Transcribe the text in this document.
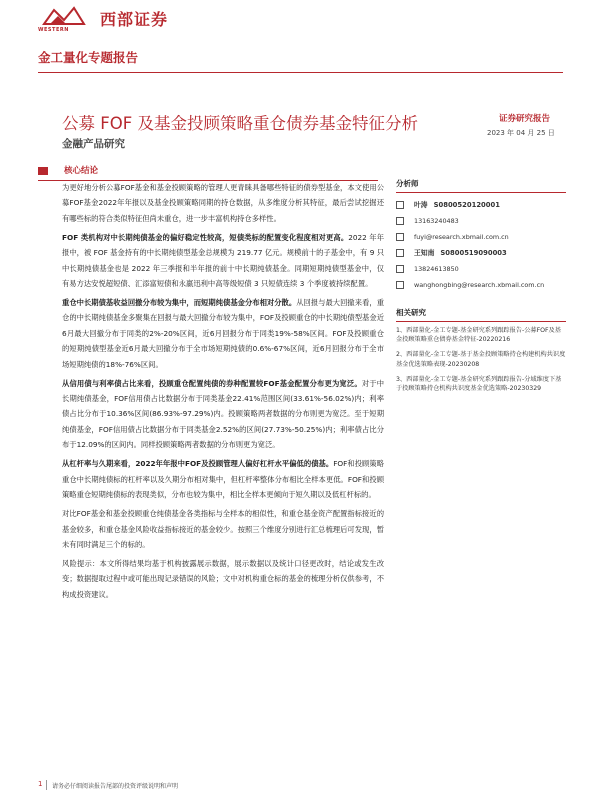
WESTERN
西部证券
金工量化专题报告
公募 FOF 及基金投顾策略重仓债券基金特征分析
金融产品研究
证券研究报告
2023 年 04 月 25 日
核心结论

为更好地分析公募FOF基金和基金投顾策略的管理人更青睐具备哪些特征的债券型基金，本文使用公募FOF基金2022年年报以及基金投顾策略同期的持仓数据，从多维度分析其特征，最后尝试挖掘还有哪些标的符合类似特征但尚未重仓，进一步丰富机构持仓多样性。

FOF 类机构对中长期纯债基金的偏好稳定性较高，短债类标的配置变化程度相对更高。2022 年年报中，被 FOF 基金持有的中长期纯债型基金总规模为 219.77 亿元。规模前十的子基金中，有 9 只中长期纯债基金也是 2022 年三季报和半年报的前十中长期纯债基金。同期短期纯债型基金中，仅有易方达安悦超短债、汇添富短债和永嬴迅利中高等级短债 3 只短债连续 3 个季度被持续配置。

重仓中长期债基收益回撤分布较为集中，而短期纯债基金分布相对分散。从回报与最大回撤来看，重仓的中长期纯债基金多聚集在回报与最大回撤分布较为集中，FOF及投顾重仓的中长期纯债型基金近6月最大回撤分布于同类的2%-20%区间，近6月回报分布于同类19%-58%区间。FOF及投顾重仓的短期纯债型基金近6月最大回撤分布于全市场短期纯债的0.6%-67%区间，近6月回报分布于全市场短期纯债的18%-76%区间。

从信用债与利率债占比来看，投顾重仓配置纯债的券种配置较FOF基金配置分布更为宽泛。对于中长期纯债基金，FOF信用债占比数据分布于同类基金22.41%范围区间(33.61%-56.02%)内；利率债占比分布于10.36%区间(86.93%-97.29%)内。投顾策略两者数据的分布则更为宽泛。至于短期纯债基金，FOF信用债占比数据分布于同类基金2.52%的区间(27.73%-50.25%)内；利率债占比分布于12.09%的区间内。同样投顾策略两者数据的分布则更为宽泛。

从杠杆率与久期来看，2022年年报中FOF及投顾管理人偏好杠杆水平偏低的债基。FOF和投顾策略重仓中长期纯债标的杠杆率以及久期分布相对集中，但杠杆率整体分布相比全样本更低。FOF和投顾策略重仓短期纯债标的表现类似，分布也较为集中，相比全样本更倾向于短久期以及低杠杆标的。

对比FOF基金和基金投顾重仓纯债基金各类指标与全样本的相似性，和重仓基金资产配置指标接近的基金较多，和重仓基金风险收益指标接近的基金较少。按照三个维度分别进行汇总梳理后可发现，暂未有同时满足三个的标的。

风险提示：本文所得结果均基于机构披露展示数据，展示数据以及统计口径更改时，结论或发生改变；数据提取过程中或可能出现记录错误的风险；文中对机构重仓标的基金的梳理分析仅供参考，不构成投资建议。

分析师
叶涛 S0800520120001
13163240483
fuyi@research.xbmail.com.cn
王知南 S0800519090003
13824613850
wanghongbing@research.xbmail.com.cn
相关研究
1、西部量化-金工专题-基金研究系列跟踪报告-公募FOF及基金投顾策略重仓债券基金特征-20220216
2、西部量化-金工专题-基于基金投顾策略持仓构建机构共识度基金优选策略表现-20230208
3、西部量化-金工专题-基金研究系列跟踪报告-分域维度下基于投顾策略持仓机构共识度基金优选策略-20230329
1 请务必仔细阅读报告尾部的投资评级说明和声明
